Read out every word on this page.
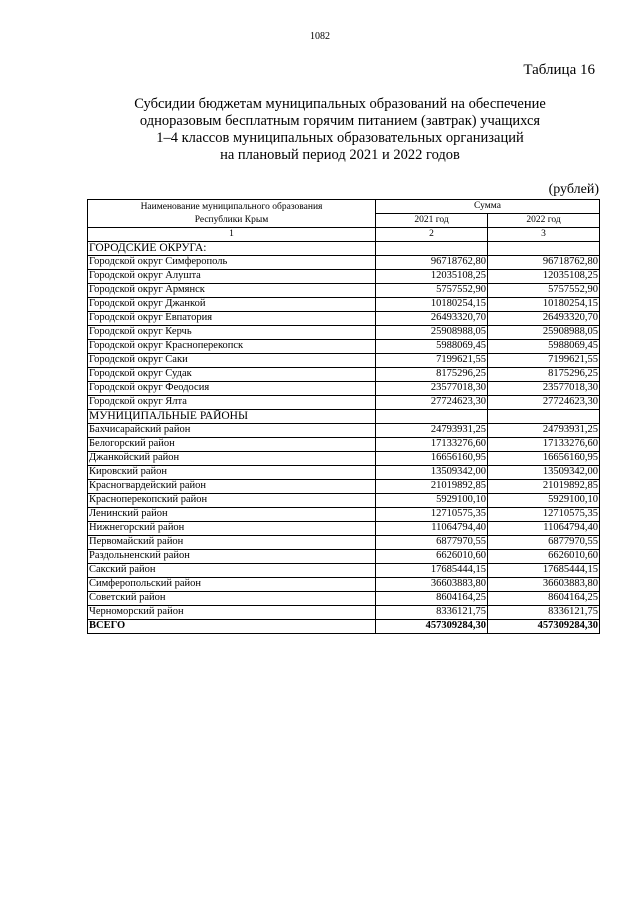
1082
Таблица 16
Субсидии бюджетам муниципальных образований на обеспечение
одноразовым бесплатным горячим питанием (завтрак) учащихся
1–4 классов муниципальных образовательных организаций
на плановый период 2021 и 2022 годов
(рублей)
Наименование муниципального образования
Республики Крым	Сумма	
	2021 год	2022 год
1	2	3
ГОРОДСКИЕ ОКРУГА:		
Городской округ Симферополь	96718762,80	96718762,80
Городской округ Алушта	12035108,25	12035108,25
Городской округ Армянск	5757552,90	5757552,90
Городской округ Джанкой	10180254,15	10180254,15
Городской округ Евпатория	26493320,70	26493320,70
Городской округ Керчь	25908988,05	25908988,05
Городской округ Красноперекопск	5988069,45	5988069,45
Городской округ Саки	7199621,55	7199621,55
Городской округ Судак	8175296,25	8175296,25
Городской округ Феодосия	23577018,30	23577018,30
Городской округ Ялта	27724623,30	27724623,30
МУНИЦИПАЛЬНЫЕ РАЙОНЫ		
Бахчисарайский район	24793931,25	24793931,25
Белогорский район	17133276,60	17133276,60
Джанкойский район	16656160,95	16656160,95
Кировский район	13509342,00	13509342,00
Красногвардейский район	21019892,85	21019892,85
Красноперекопский район	5929100,10	5929100,10
Ленинский район	12710575,35	12710575,35
Нижнегорский район	11064794,40	11064794,40
Первомайский район	6877970,55	6877970,55
Раздольненский район	6626010,60	6626010,60
Сакский район	17685444,15	17685444,15
Симферопольский район	36603883,80	36603883,80
Советский район	8604164,25	8604164,25
Черноморский район	8336121,75	8336121,75
ВСЕГО	457309284,30	457309284,30
